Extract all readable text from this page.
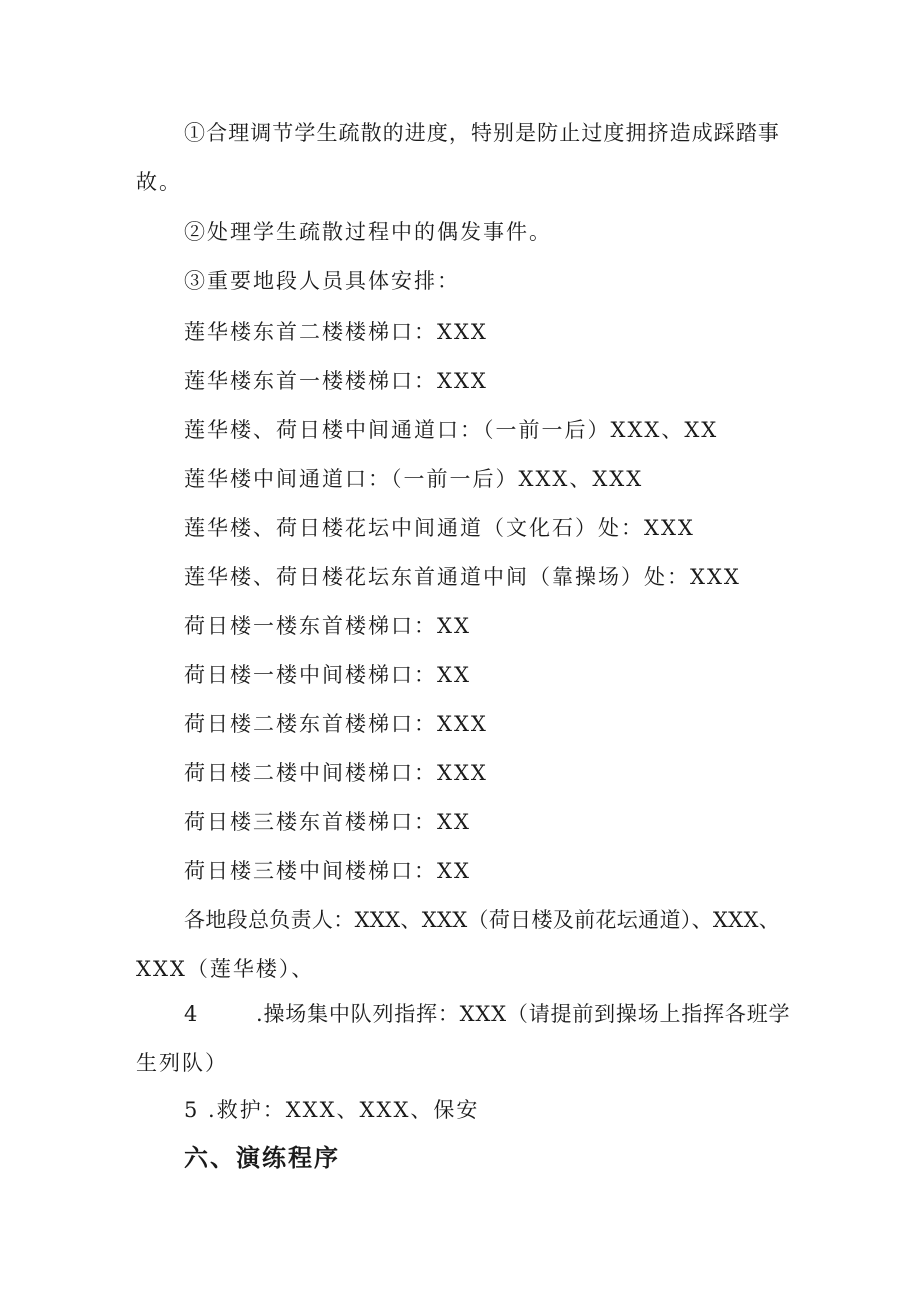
①合理调节学生疏散的进度，特别是防止过度拥挤造成踩踏事
故。
②处理学生疏散过程中的偶发事件。
③重要地段人员具体安排：
莲华楼东首二楼楼梯口：XXX
莲华楼东首一楼楼梯口：XXX
莲华楼、荷日楼中间通道口：（一前一后）XXX、XX
莲华楼中间通道口：（一前一后）XXX、XXX
莲华楼、荷日楼花坛中间通道（文化石）处：XXX
莲华楼、荷日楼花坛东首通道中间（靠操场）处：XXX
荷日楼一楼东首楼梯口：XX
荷日楼一楼中间楼梯口：XX
荷日楼二楼东首楼梯口：XXX
荷日楼二楼中间楼梯口：XXX
荷日楼三楼东首楼梯口：XX
荷日楼三楼中间楼梯口：XX
各地段总负责人：XXX、XXX（荷日楼及前花坛通道）、XXX、
XXX（莲华楼）、
4	.操场集中队列指挥：XXX（请提前到操场上指挥各班学
生列队）
5 .救护：XXX、XXX、保安
六、演练程序
